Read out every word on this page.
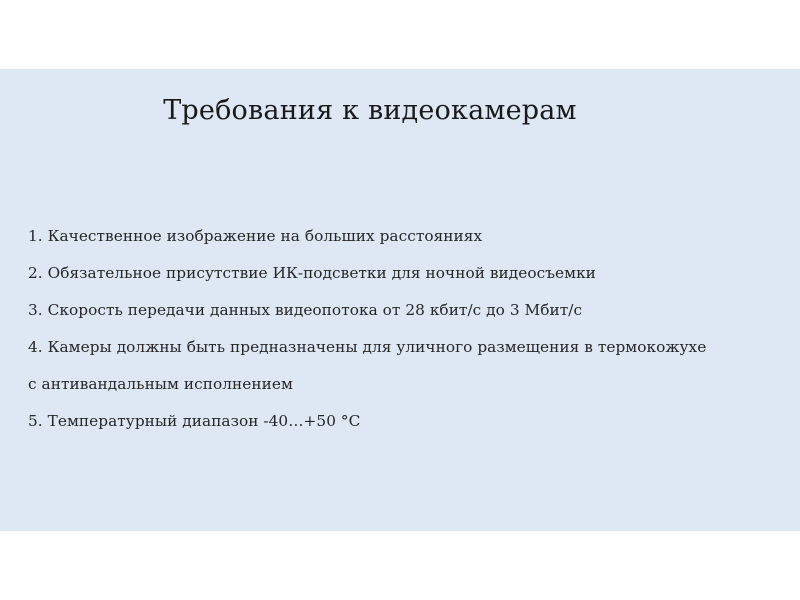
Требования к видеокамерам
1. Качественное изображение на больших расстояниях
2. Обязательное присутствие ИК-подсветки для ночной видеосъемки
3. Скорость передачи данных видеопотока от 28 кбит/с до 3 Мбит/с
4. Камеры должны быть предназначены для уличного размещения в термокожухе
с антивандальным исполнением
5. Температурный диапазон -40…+50 °С
